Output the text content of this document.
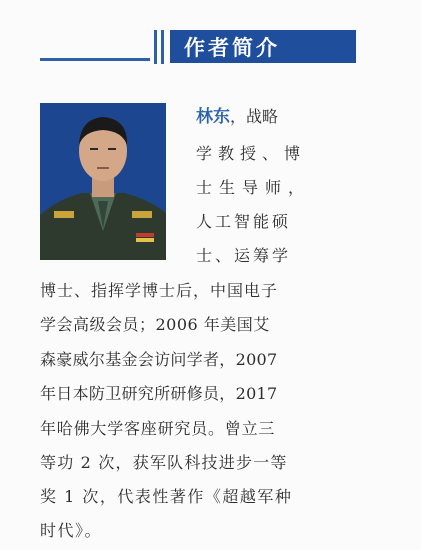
作者简介
林东，战略
学教授、博
士生导师，
人工智能硕
士、运筹学
博士、指挥学博士后，中国电子
学会高级会员；2006 年美国艾
森豪威尔基金会访问学者，2007
年日本防卫研究所研修员，2017
年哈佛大学客座研究员。曾立三
等功 2 次，获军队科技进步一等
奖 1 次，代表性著作《超越军种
时代》。
